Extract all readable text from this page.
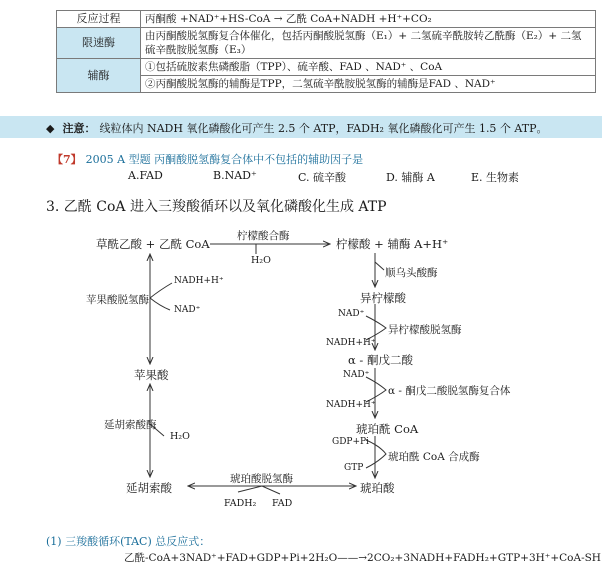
反应过程	丙酮酸 +NAD⁺+HS-CoA → 乙酰 CoA+NADH +H⁺+CO₂
限速酶	由丙酮酸脱氢酶复合体催化，包括丙酮酸脱氢酶（E₁）+ 二氢硫辛酰胺转乙酰酶（E₂）+ 二氢硫辛酰胺脱氢酶（E₃）
辅酶	①包括硫胺素焦磷酸脂（TPP）、硫辛酸、FAD 、NAD⁺ 、CoA
	②丙酮酸脱氢酶的辅酶是TPP，二氢硫辛酰胺脱氢酶的辅酶是FAD 、NAD⁺
◆ 注意： 线粒体内 NADH 氧化磷酸化可产生 2.5 个 ATP，FADH₂ 氧化磷酸化可产生 1.5 个 ATP。
【7】 2005 A 型题 丙酮酸脱氢酶复合体中不包括的辅助因子是
A.FAD	B.NAD⁺	C. 硫辛酸	D. 辅酶 A	E. 生物素
3. 乙酰 CoA 进入三羧酸循环以及氧化磷酸化生成 ATP
草酰乙酸 + 乙酰 CoA
柠檬酸合酶
H₂O
柠檬酸 + 辅酶 A+H⁺
顺乌头酸酶
异柠檬酸
NAD⁺
NADH+H⁺
异柠檬酸脱氢酶
α - 酮戊二酸
NAD⁺
NADH+H⁺
α - 酮戊二酸脱氢酶复合体
琥珀酰 CoA
GDP+Pi
GTP
琥珀酰 CoA 合成酶
琥珀酸
琥珀酸脱氢酶
FADH₂ FAD
延胡索酸
延胡索酸酶
H₂O
苹果酸
苹果酸脱氢酶
NADH+H⁺
NAD⁺
(1) 三羧酸循环(TAC) 总反应式：
乙酰-CoA+3NAD⁺+FAD+GDP+Pi+2H₂O——→2CO₂+3NADH+FADH₂+GTP+3H⁺+CoA-SH
